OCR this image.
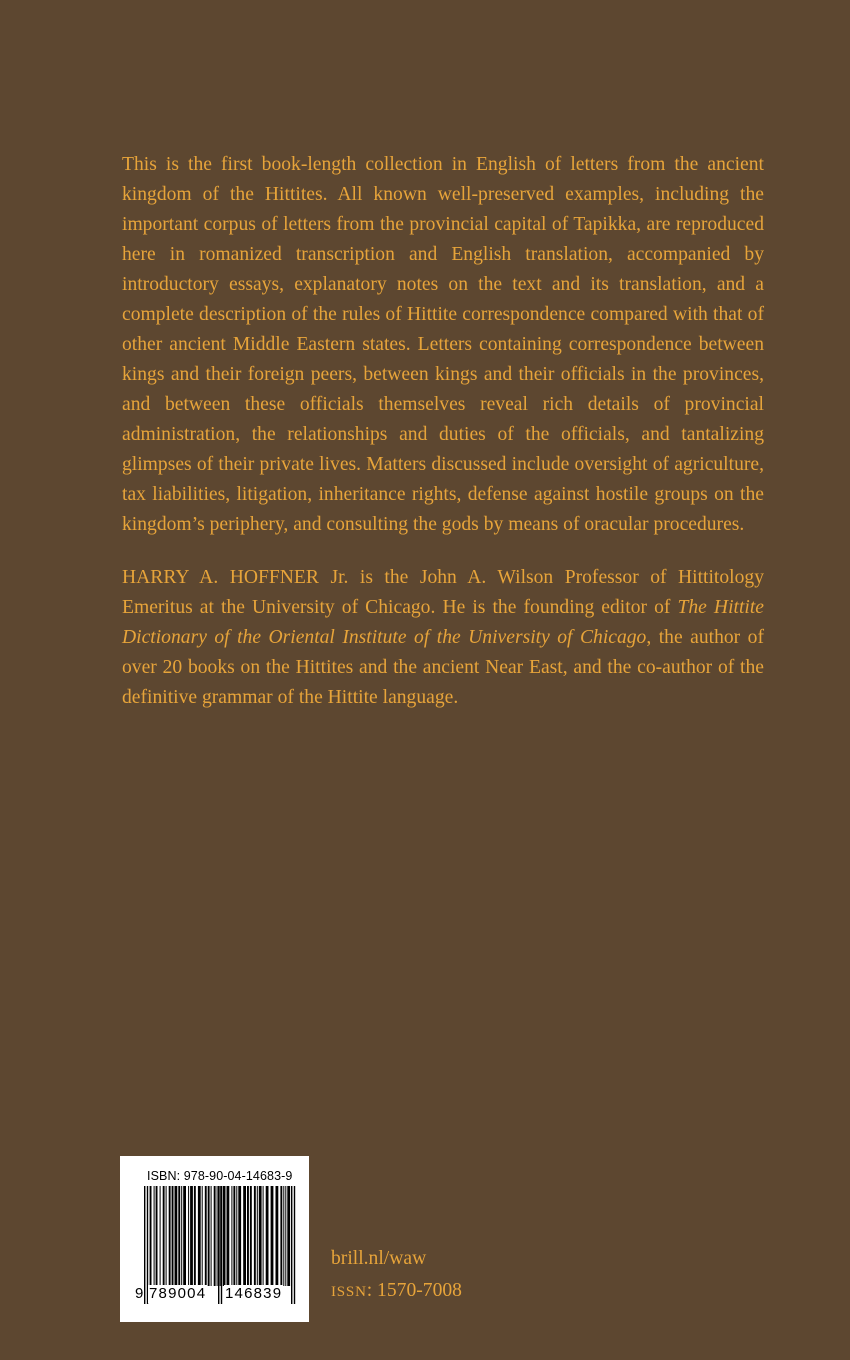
This is the first book-length collection in English of letters from the ancient kingdom of the Hittites. All known well-preserved examples, including the important corpus of letters from the provincial capital of Tapikka, are reproduced here in romanized transcription and English translation, accompanied by introductory essays, explanatory notes on the text and its translation, and a complete description of the rules of Hittite correspondence compared with that of other ancient Middle Eastern states. Letters containing correspondence between kings and their foreign peers, between kings and their officials in the provinces, and between these officials themselves reveal rich details of provincial administration, the relationships and duties of the officials, and tantalizing glimpses of their private lives. Matters discussed include oversight of agriculture, tax liabilities, litigation, inheritance rights, defense against hostile groups on the kingdom’s periphery, and consulting the gods by means of oracular procedures.

HARRY A. HOFFNER Jr. is the John A. Wilson Professor of Hittitology Emeritus at the University of Chicago. He is the founding editor of The Hittite Dictionary of the Oriental Institute of the University of Chicago, the author of over 20 books on the Hittites and the ancient Near East, and the co-author of the definitive grammar of the Hittite language.

ISBN: 978-90-04-14683-9
9 789004 146839
brill.nl/waw
ISSN: 1570-7008
